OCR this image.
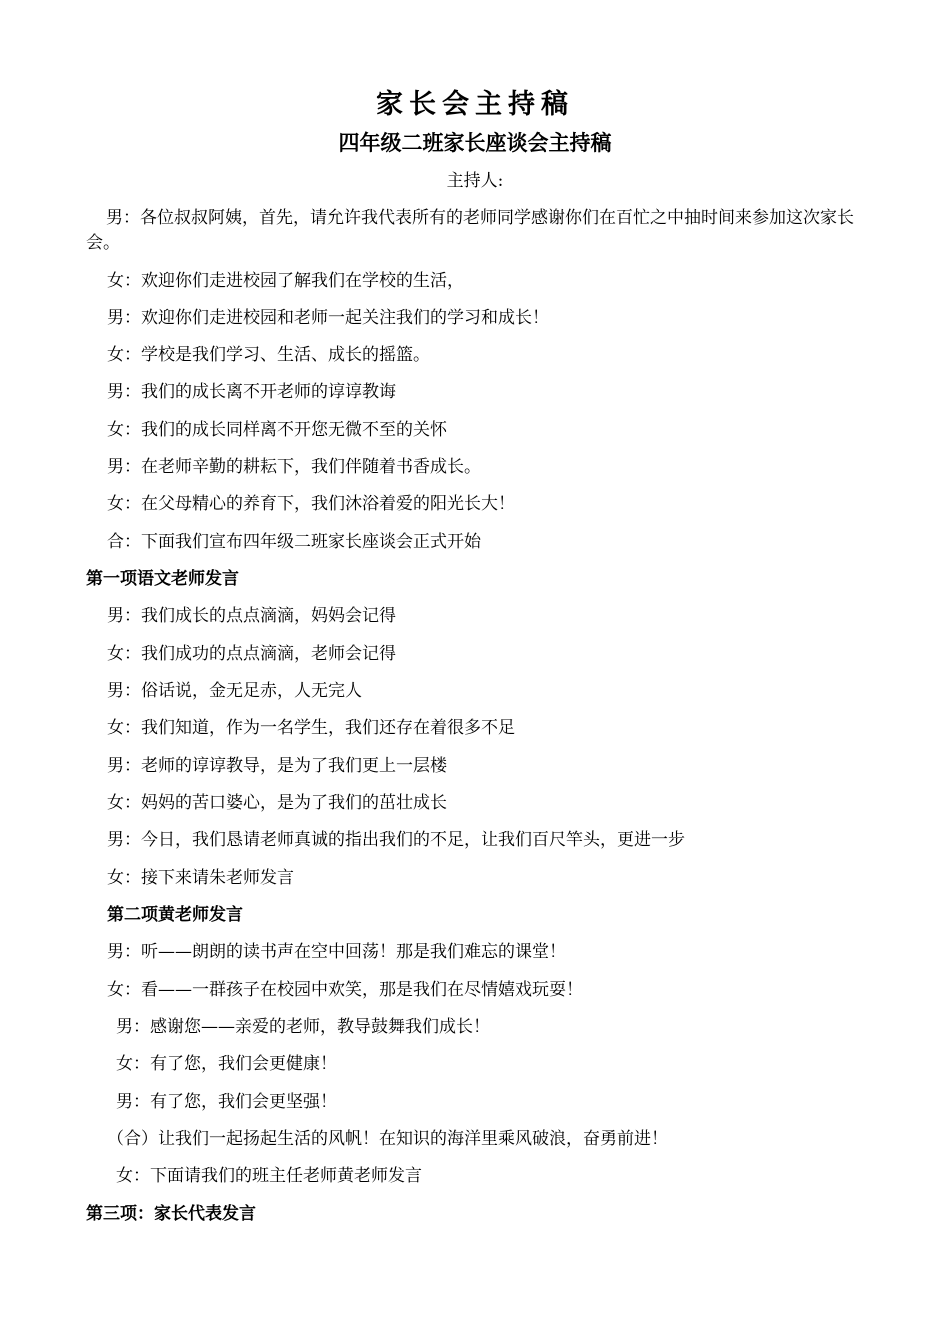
家长会主持稿
四年级二班家长座谈会主持稿
主持人:
男：各位叔叔阿姨，首先，请允许我代表所有的老师同学感谢你们在百忙之中抽时间来参加这次家长会。
女：欢迎你们走进校园了解我们在学校的生活，
男：欢迎你们走进校园和老师一起关注我们的学习和成长！
女：学校是我们学习、生活、成长的摇篮。
男：我们的成长离不开老师的谆谆教诲
女：我们的成长同样离不开您无微不至的关怀
男：在老师辛勤的耕耘下，我们伴随着书香成长。
女：在父母精心的养育下，我们沐浴着爱的阳光长大！
合：下面我们宣布四年级二班家长座谈会正式开始
第一项语文老师发言
男：我们成长的点点滴滴，妈妈会记得
女：我们成功的点点滴滴，老师会记得
男：俗话说，金无足赤，人无完人
女：我们知道，作为一名学生，我们还存在着很多不足
男：老师的谆谆教导，是为了我们更上一层楼
女：妈妈的苦口婆心，是为了我们的茁壮成长
男：今日，我们恳请老师真诚的指出我们的不足，让我们百尺竿头，更进一步
女：接下来请朱老师发言
第二项黄老师发言
男：听——朗朗的读书声在空中回荡！那是我们难忘的课堂！
女：看——一群孩子在校园中欢笑，那是我们在尽情嬉戏玩耍！
男：感谢您——亲爱的老师，教导鼓舞我们成长！
女：有了您，我们会更健康！
男：有了您，我们会更坚强！
（合）让我们一起扬起生活的风帆！在知识的海洋里乘风破浪，奋勇前进！
女：下面请我们的班主任老师黄老师发言
第三项：家长代表发言
